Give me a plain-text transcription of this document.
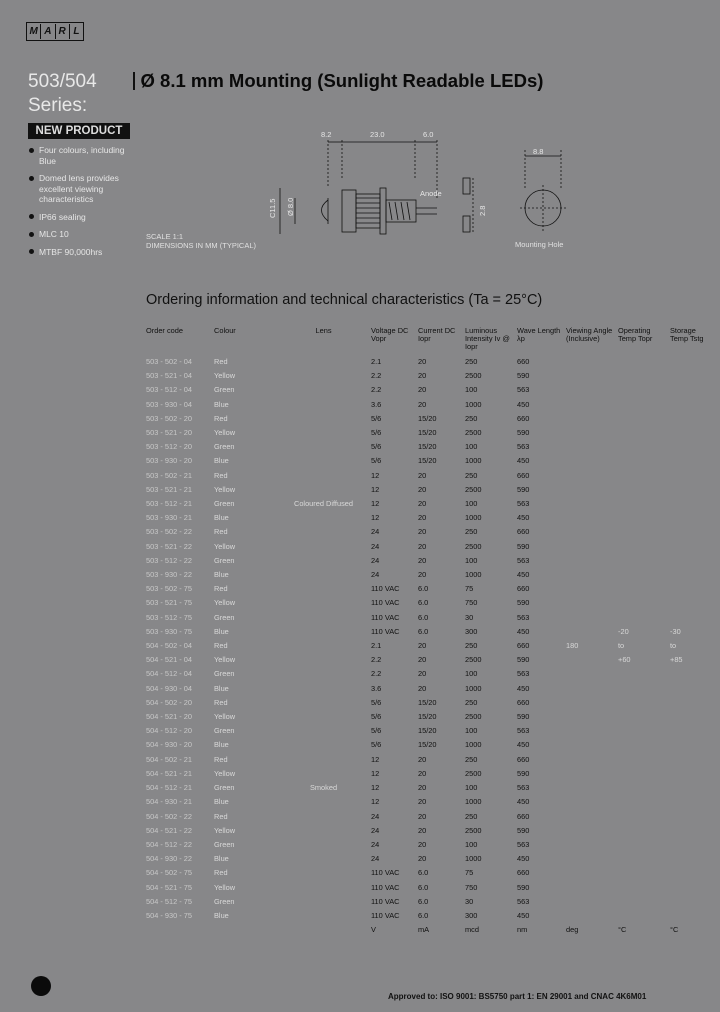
M A R L
503/504
Series:
Ø 8.1 mm Mounting (Sunlight Readable LEDs)
NEW PRODUCT
Four colours, including Blue
Domed lens provides excellent viewing characteristics
IP66 sealing
MLC 10
MTBF 90,000hrs
8.2	23.0	6.0
C11.5 Ø 8.0
Anode
2.8
8.8
SCALE 1:1
DIMENSIONS IN MM (TYPICAL)	Mounting Hole
Ordering information and technical characteristics (Ta = 25°C)
Order code	Colour	Lens	Voltage DC Vopr	Current DC Iopr	Luminous Intensity Iv @ Iopr	Wave Length λp	Viewing Angle (Inclusive)	Operating Temp Topr	Storage Temp Tstg
503 - 502 - 04	Red		2.1	20	250	660			
503 - 521 - 04	Yellow		2.2	20	2500	590			
503 - 512 - 04	Green		2.2	20	100	563			
503 - 930 - 04	Blue		3.6	20	1000	450			
503 - 502 - 20	Red		5/6	15/20	250	660			
503 - 521 - 20	Yellow		5/6	15/20	2500	590			
503 - 512 - 20	Green		5/6	15/20	100	563			
503 - 930 - 20	Blue		5/6	15/20	1000	450			
503 - 502 - 21	Red		12	20	250	660			
503 - 521 - 21	Yellow		12	20	2500	590			
503 - 512 - 21	Green	Coloured Diffused	12	20	100	563			
503 - 930 - 21	Blue		12	20	1000	450			
503 - 502 - 22	Red		24	20	250	660			
503 - 521 - 22	Yellow		24	20	2500	590			
503 - 512 - 22	Green		24	20	100	563			
503 - 930 - 22	Blue		24	20	1000	450			
503 - 502 - 75	Red		110 VAC	6.0	75	660			
503 - 521 - 75	Yellow		110 VAC	6.0	750	590			
503 - 512 - 75	Green		110 VAC	6.0	30	563			
503 - 930 - 75	Blue		110 VAC	6.0	300	450		-20	-30
504 - 502 - 04	Red		2.1	20	250	660	180	to	to
504 - 521 - 04	Yellow		2.2	20	2500	590		+60	+85
504 - 512 - 04	Green		2.2	20	100	563			
504 - 930 - 04	Blue		3.6	20	1000	450			
504 - 502 - 20	Red		5/6	15/20	250	660			
504 - 521 - 20	Yellow		5/6	15/20	2500	590			
504 - 512 - 20	Green		5/6	15/20	100	563			
504 - 930 - 20	Blue		5/6	15/20	1000	450			
504 - 502 - 21	Red		12	20	250	660			
504 - 521 - 21	Yellow		12	20	2500	590			
504 - 512 - 21	Green	Smoked	12	20	100	563			
504 - 930 - 21	Blue		12	20	1000	450			
504 - 502 - 22	Red		24	20	250	660			
504 - 521 - 22	Yellow		24	20	2500	590			
504 - 512 - 22	Green		24	20	100	563			
504 - 930 - 22	Blue		24	20	1000	450			
504 - 502 - 75	Red		110 VAC	6.0	75	660			
504 - 521 - 75	Yellow		110 VAC	6.0	750	590			
504 - 512 - 75	Green		110 VAC	6.0	30	563			
504 - 930 - 75	Blue		110 VAC	6.0	300	450			
			V	mA	mcd	nm	deg	°C	°C
Approved to: ISO 9001: BS5750 part 1: EN 29001 and CNAC 4K6M01
